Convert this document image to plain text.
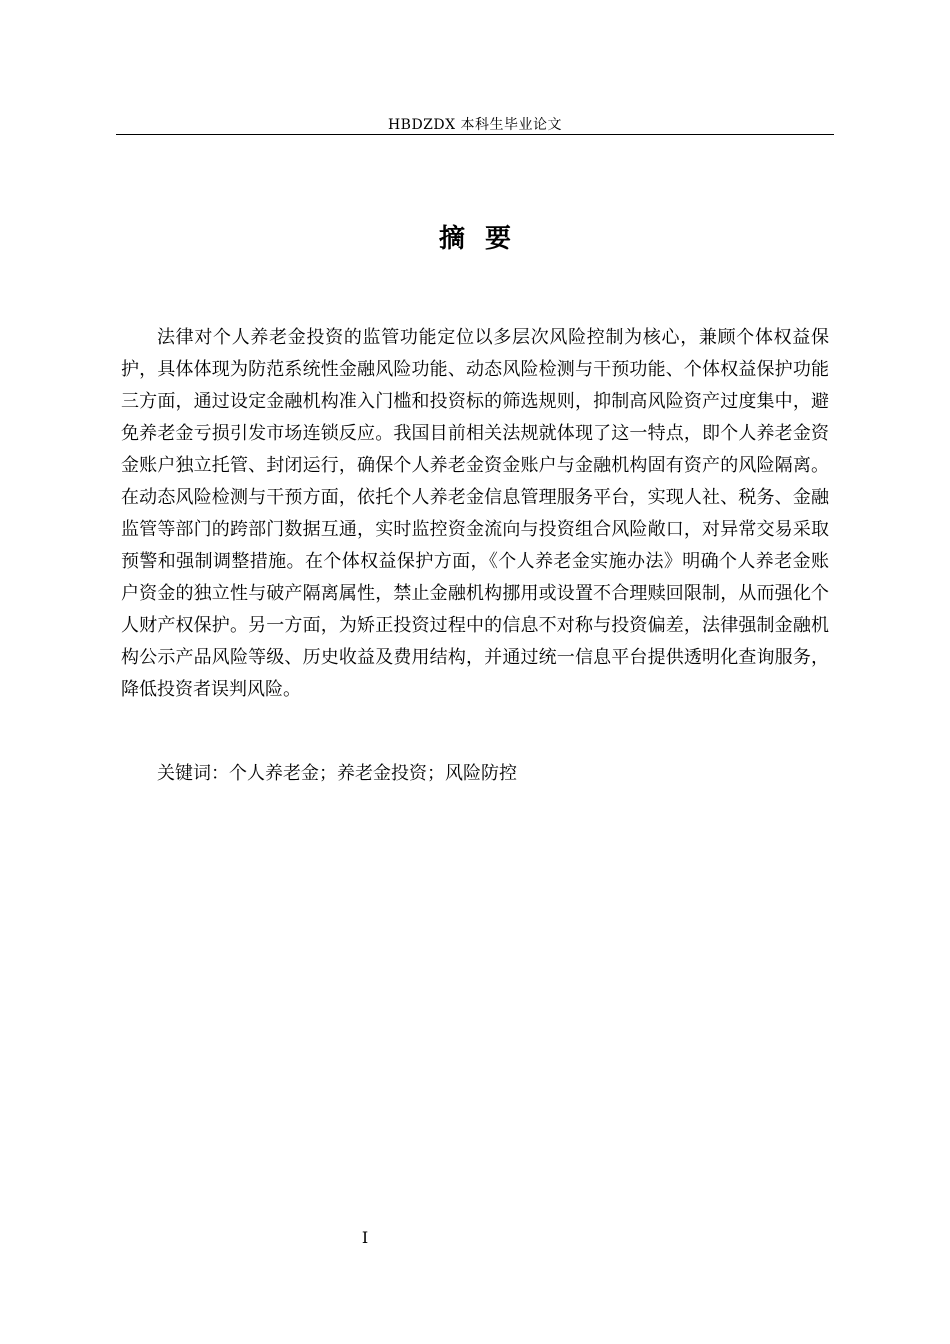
HBDZDX 本科生毕业论文
摘要

法律对个人养老金投资的监管功能定位以多层次风险控制为核心，兼顾个体权益保护，具体体现为防范系统性金融风险功能、动态风险检测与干预功能、个体权益保护功能三方面，通过设定金融机构准入门槛和投资标的筛选规则，抑制高风险资产过度集中，避免养老金亏损引发市场连锁反应。我国目前相关法规就体现了这一特点，即个人养老金资金账户独立托管、封闭运行，确保个人养老金资金账户与金融机构固有资产的风险隔离。在动态风险检测与干预方面，依托个人养老金信息管理服务平台，实现人社、税务、金融监管等部门的跨部门数据互通，实时监控资金流向与投资组合风险敞口，对异常交易采取预警和强制调整措施。在个体权益保护方面，《个人养老金实施办法》明确个人养老金账户资金的独立性与破产隔离属性，禁止金融机构挪用或设置不合理赎回限制，从而强化个人财产权保护。另一方面，为矫正投资过程中的信息不对称与投资偏差，法律强制金融机构公示产品风险等级、历史收益及费用结构，并通过统一信息平台提供透明化查询服务，降低投资者误判风险。

关键词：个人养老金；养老金投资；风险防控

I
